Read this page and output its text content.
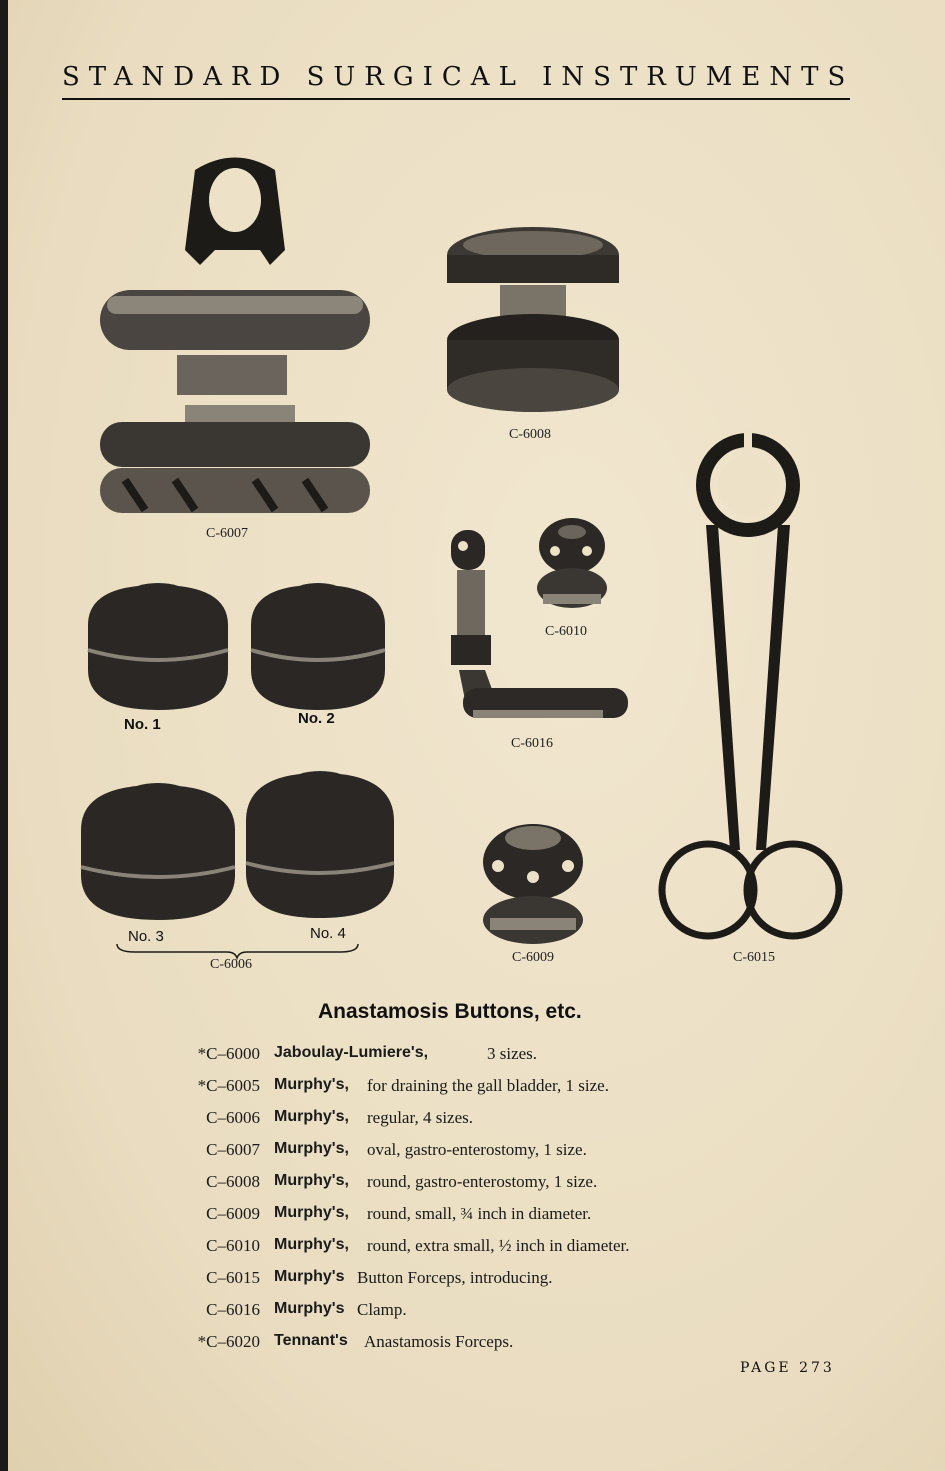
STANDARD SURGICAL INSTRUMENTS
C-6007
C-6008
C-6015
C-6010
C-6016
C-6009
No. 1	No. 2
No. 3	No. 4
C-6006
Anastamosis Buttons, etc.
*C–6000 Jaboulay-Lumiere's,	3 sizes.
*C–6005 Murphy's, for draining the gall bladder, 1 size.
C–6006 Murphy's, regular, 4 sizes.
C–6007 Murphy's, oval, gastro-enterostomy, 1 size.
C–6008 Murphy's, round, gastro-enterostomy, 1 size.
C–6009 Murphy's, round, small, ¾ inch in diameter.
C–6010 Murphy's, round, extra small, ½ inch in diameter.
C–6015 Murphy's Button Forceps, introducing.
C–6016 Murphy's Clamp.
*C–6020 Tennant's Anastamosis Forceps.
PAGE 273
